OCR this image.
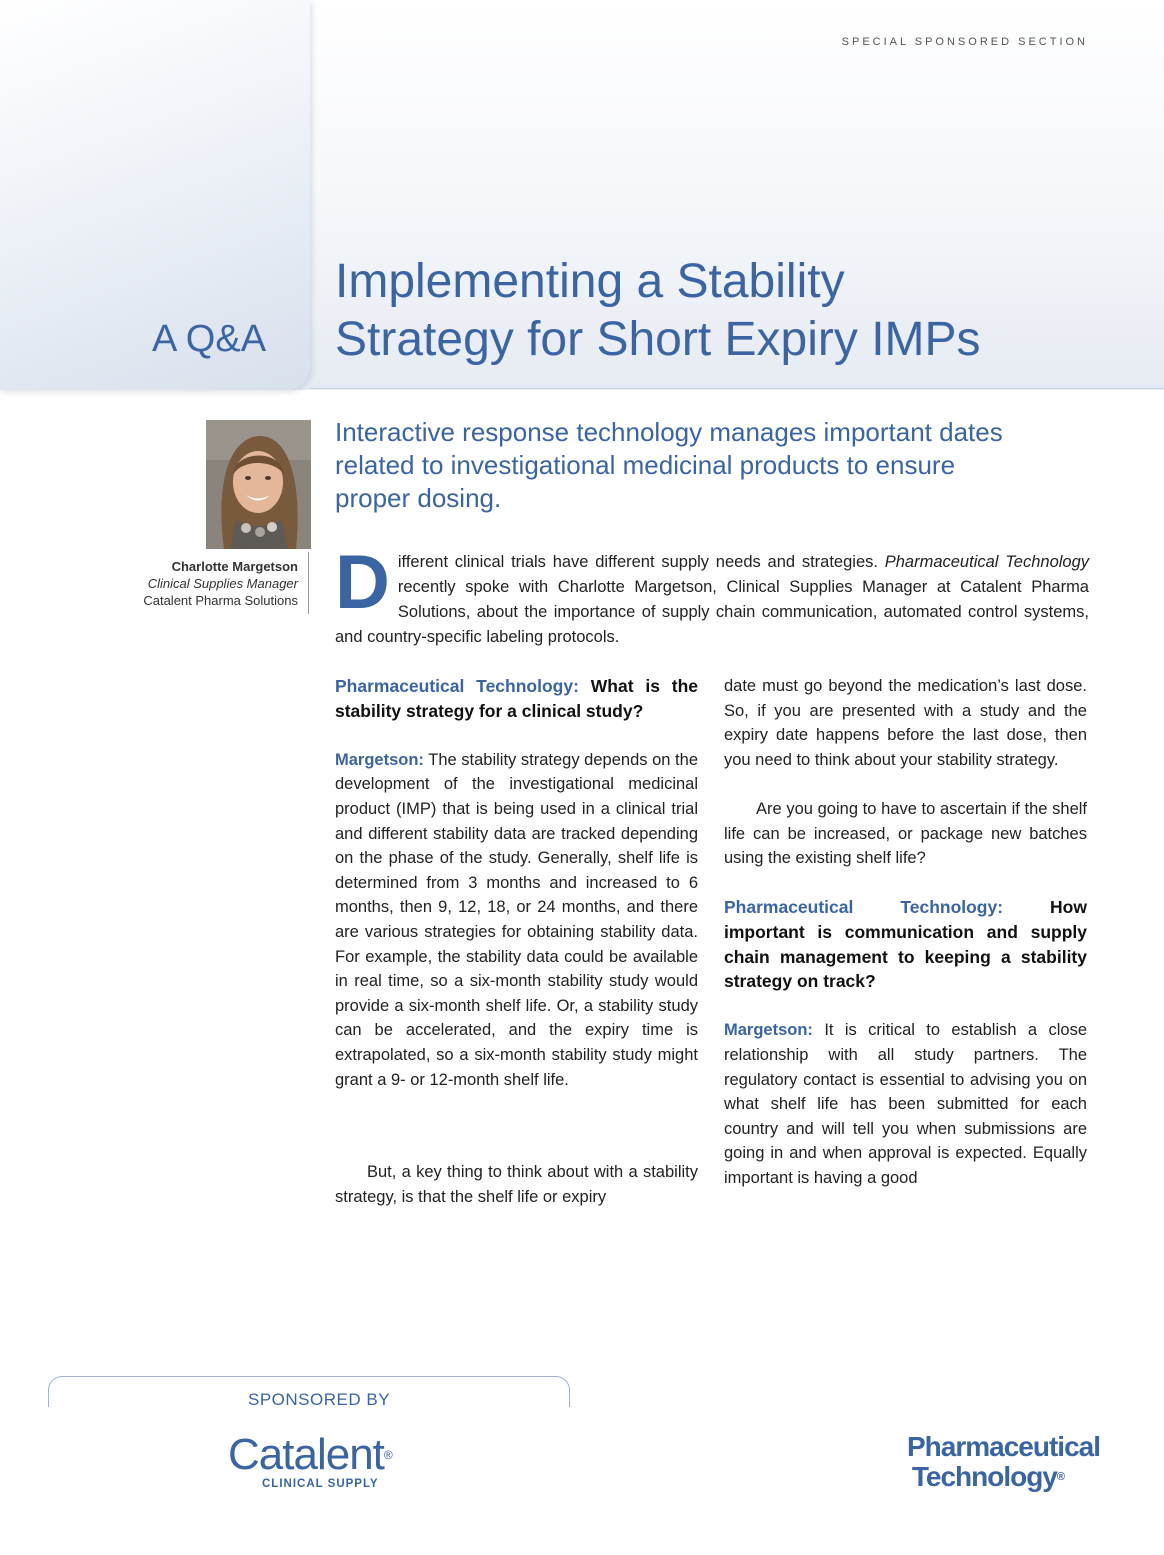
SPECIAL SPONSORED SECTION
A Q&A
Implementing a Stability
Strategy for Short Expiry IMPs

Interactive response technology manages important dates related to investigational medicinal products to ensure proper dosing.

Charlotte Margetson
Clinical Supplies Manager
Catalent Pharma Solutions Different clinical trials have different supply needs and strategies. Pharmaceutical Technology recently spoke with Charlotte Margetson, Clinical Supplies Manager at Catalent Pharma Solutions, about the importance of supply chain communication, automated control systems, and country-specific labeling protocols.

Pharmaceutical Technology: What is the stability strategy for a clinical study?

Margetson: The stability strategy depends on the development of the investigational medicinal product (IMP) that is being used in a clinical trial and different stability data are tracked depending on the phase of the study. Generally, shelf life is determined from 3 months and increased to 6 months, then 9, 12, 18, or 24 months, and there are various strategies for obtaining stability data. For example, the stability data could be available in real time, so a six-month stability study would provide a six-month shelf life. Or, a stability study can be accelerated, and the expiry time is extrapolated, so a six-month stability study might grant a 9- or 12-month shelf life.

But, a key thing to think about with a stability strategy, is that the shelf life or expiry

date must go beyond the medication’s last dose. So, if you are presented with a study and the expiry date happens before the last dose, then you need to think about your stability strategy.

Are you going to have to ascertain if the shelf life can be increased, or package new batches using the existing shelf life?

Pharmaceutical Technology:	How important is communication and supply chain management to keeping a stability strategy on track?

Margetson: It is critical to establish a close relationship with all study partners. The regulatory contact is essential to advising you on what shelf life has been submitted for each country and will tell you when submissions are going in and when approval is expected. Equally important is having a good

SPONSORED BY
Catalent®
CLINICAL SUPPLY
Pharmaceutical
Technology®
